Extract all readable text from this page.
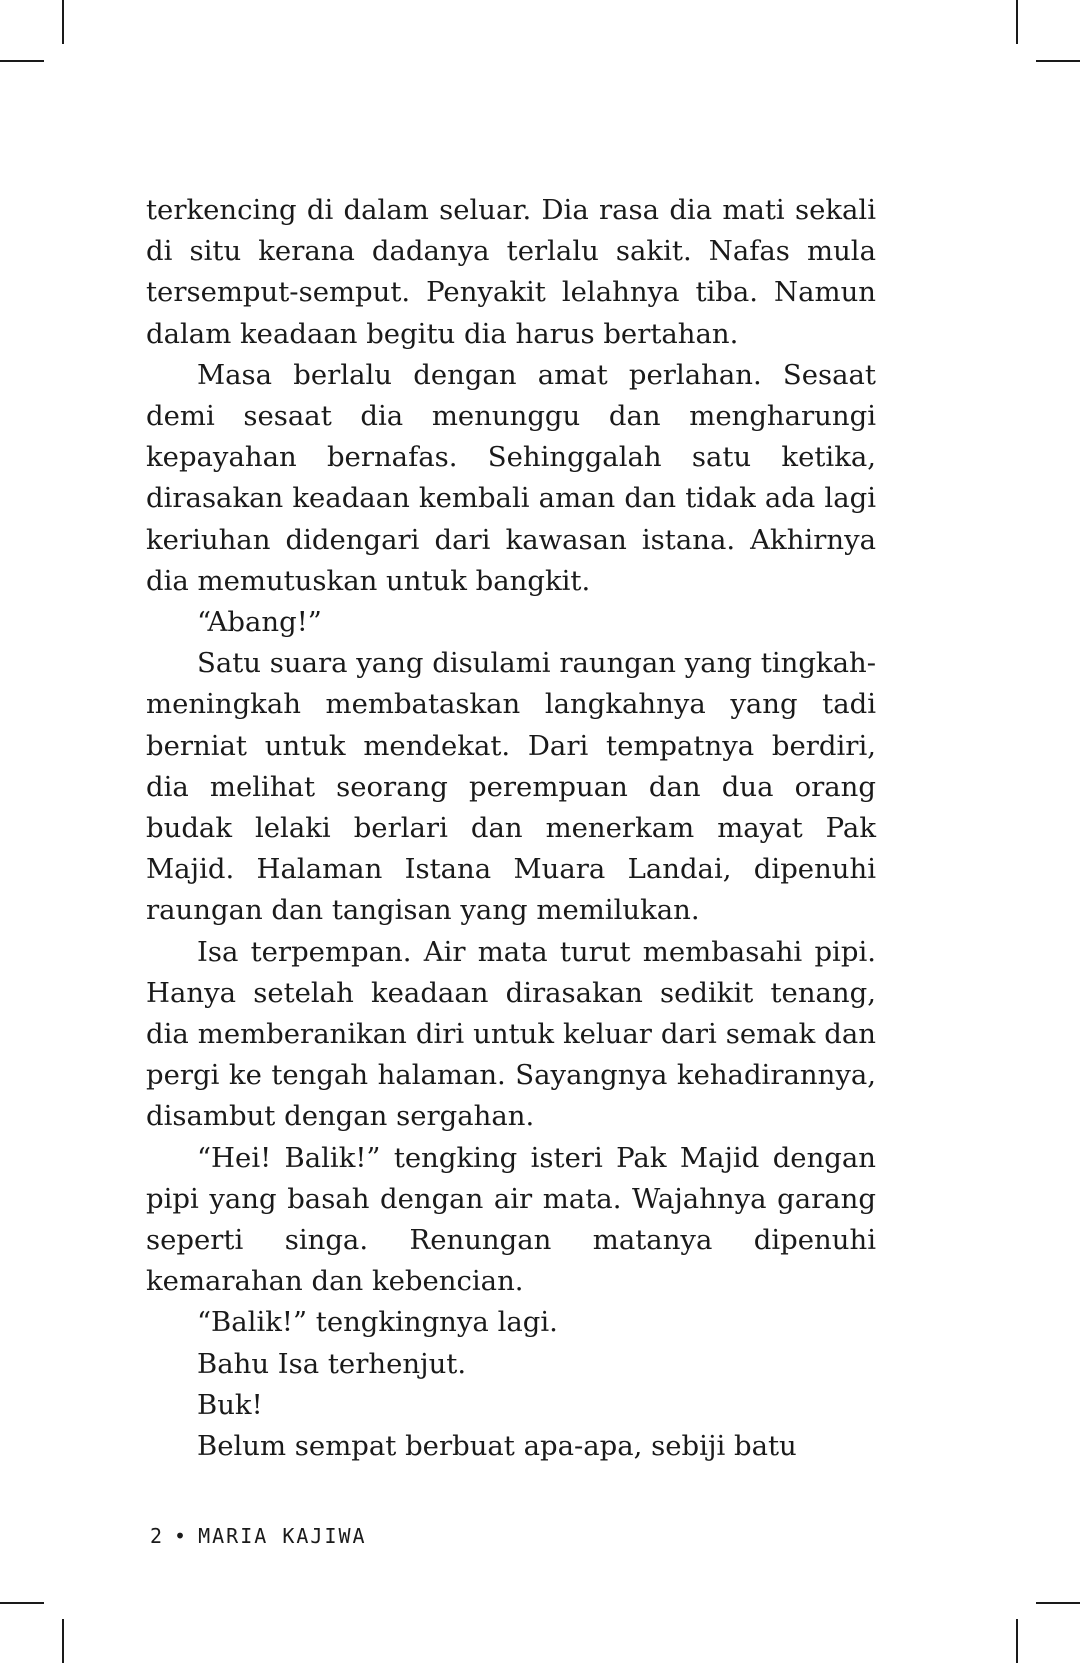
terkencing di dalam seluar. Dia rasa dia mati sekali di situ kerana dadanya terlalu sakit. Nafas mula tersemput-semput. Penyakit lelahnya tiba. Namun dalam keadaan begitu dia harus bertahan.

Masa berlalu dengan amat perlahan. Sesaat demi sesaat dia menunggu dan mengharungi kepayahan bernafas. Sehinggalah satu ketika, dirasakan keadaan kembali aman dan tidak ada lagi keriuhan didengari dari kawasan istana. Akhirnya dia memutuskan untuk bangkit.

“Abang!”

Satu suara yang disulami raungan yang tingkah-meningkah membataskan langkahnya yang tadi berniat untuk mendekat. Dari tempatnya berdiri, dia melihat seorang perempuan dan dua orang budak lelaki berlari dan menerkam mayat Pak Majid. Halaman Istana Muara Landai, dipenuhi raungan dan tangisan yang memilukan.

Isa terpempan. Air mata turut membasahi pipi. Hanya setelah keadaan dirasakan sedikit tenang, dia memberanikan diri untuk keluar dari semak dan pergi ke tengah halaman. Sayangnya kehadirannya, disambut dengan sergahan.

“Hei! Balik!” tengking isteri Pak Majid dengan pipi yang basah dengan air mata. Wajahnya garang seperti singa. Renungan matanya dipenuhi kemarahan dan kebencian.

“Balik!” tengkingnya lagi.

Bahu Isa terhenjut.

Buk!

Belum sempat berbuat apa-apa, sebiji batu

2 • MARIA KAJIWA
